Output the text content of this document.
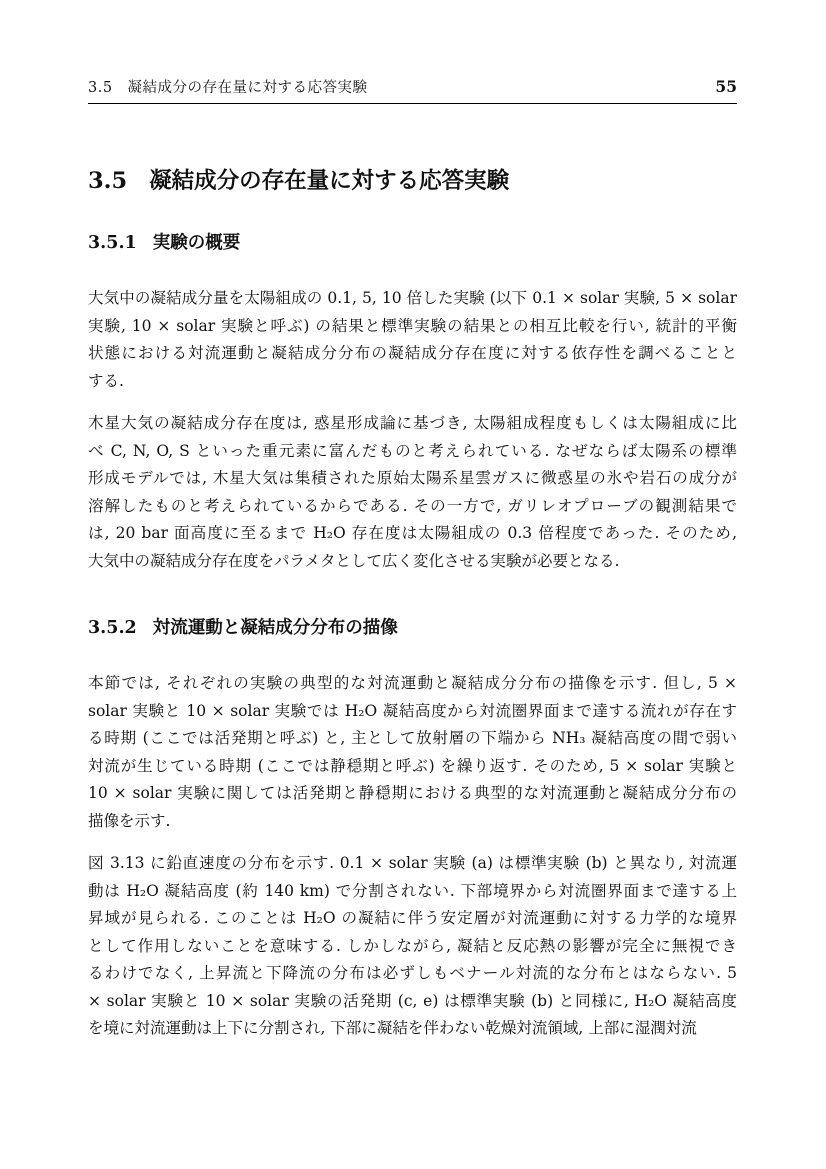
3.5　凝結成分の存在量に対する応答実験	55
3.5 凝結成分の存在量に対する応答実験
3.5.1 実験の概要
大気中の凝結成分量を太陽組成の 0.1, 5, 10 倍した実験 (以下 0.1 × solar 実験, 5 × solar
実験, 10 × solar 実験と呼ぶ) の結果と標準実験の結果との相互比較を行い, 統計的平衡
状態における対流運動と凝結成分分布の凝結成分存在度に対する依存性を調べることと
する.
木星大気の凝結成分存在度は, 惑星形成論に基づき, 太陽組成程度もしくは太陽組成に比
べ C, N, O, S といった重元素に富んだものと考えられている. なぜならば太陽系の標準
形成モデルでは, 木星大気は集積された原始太陽系星雲ガスに微惑星の氷や岩石の成分が
溶解したものと考えられているからである. その一方で, ガリレオプローブの観測結果で
は, 20 bar 面高度に至るまで H₂O 存在度は太陽組成の 0.3 倍程度であった. そのため,
大気中の凝結成分存在度をパラメタとして広く変化させる実験が必要となる.
3.5.2 対流運動と凝結成分分布の描像
本節では, それぞれの実験の典型的な対流運動と凝結成分分布の描像を示す. 但し, 5 ×
solar 実験と 10 × solar 実験では H₂O 凝結高度から対流圏界面まで達する流れが存在す
る時期 (ここでは活発期と呼ぶ) と, 主として放射層の下端から NH₃ 凝結高度の間で弱い
対流が生じている時期 (ここでは静穏期と呼ぶ) を繰り返す. そのため, 5 × solar 実験と
10 × solar 実験に関しては活発期と静穏期における典型的な対流運動と凝結成分分布の
描像を示す.
図 3.13 に鉛直速度の分布を示す. 0.1 × solar 実験 (a) は標準実験 (b) と異なり, 対流運
動は H₂O 凝結高度 (約 140 km) で分割されない. 下部境界から対流圏界面まで達する上
昇域が見られる. このことは H₂O の凝結に伴う安定層が対流運動に対する力学的な境界
として作用しないことを意味する. しかしながら, 凝結と反応熱の影響が完全に無視でき
るわけでなく, 上昇流と下降流の分布は必ずしもベナール対流的な分布とはならない. 5
× solar 実験と 10 × solar 実験の活発期 (c, e) は標準実験 (b) と同様に, H₂O 凝結高度
を境に対流運動は上下に分割され, 下部に凝結を伴わない乾燥対流領域, 上部に湿潤対流
